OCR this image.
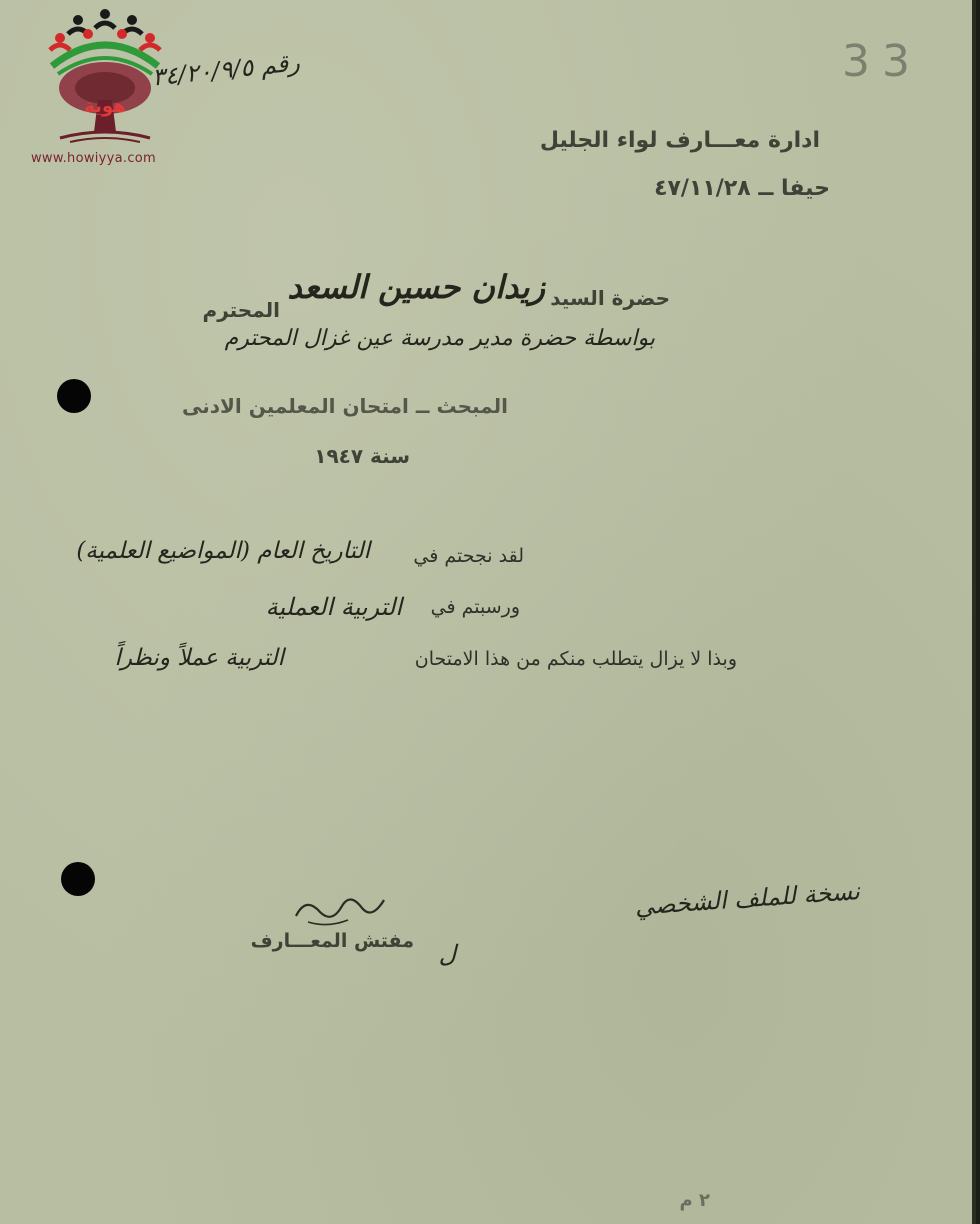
هوية
www.howiyya.com
33
رقم ٣٤/٢٠/٩/٥
ادارة معـــارف لواء الجليل
حيفا ــ ٤٧/١١/٢٨
حضرة السيد
زيدان حسين السعد
المحترم
بواسطة حضرة مدير مدرسة عين غزال المحترم
المبحث ــ امتحان المعلمين الادنى
سنة ١٩٤٧
لقد نجحتم في
التاريخ العام (المواضيع العلمية)
ورسبتم في
التربية العملية
وبذا لا يزال يتطلب منكم من هذا الامتحان
التربية عملاً ونظراً
نسخة للملف الشخصي
مفتش المعـــارف	ل
٢ م
